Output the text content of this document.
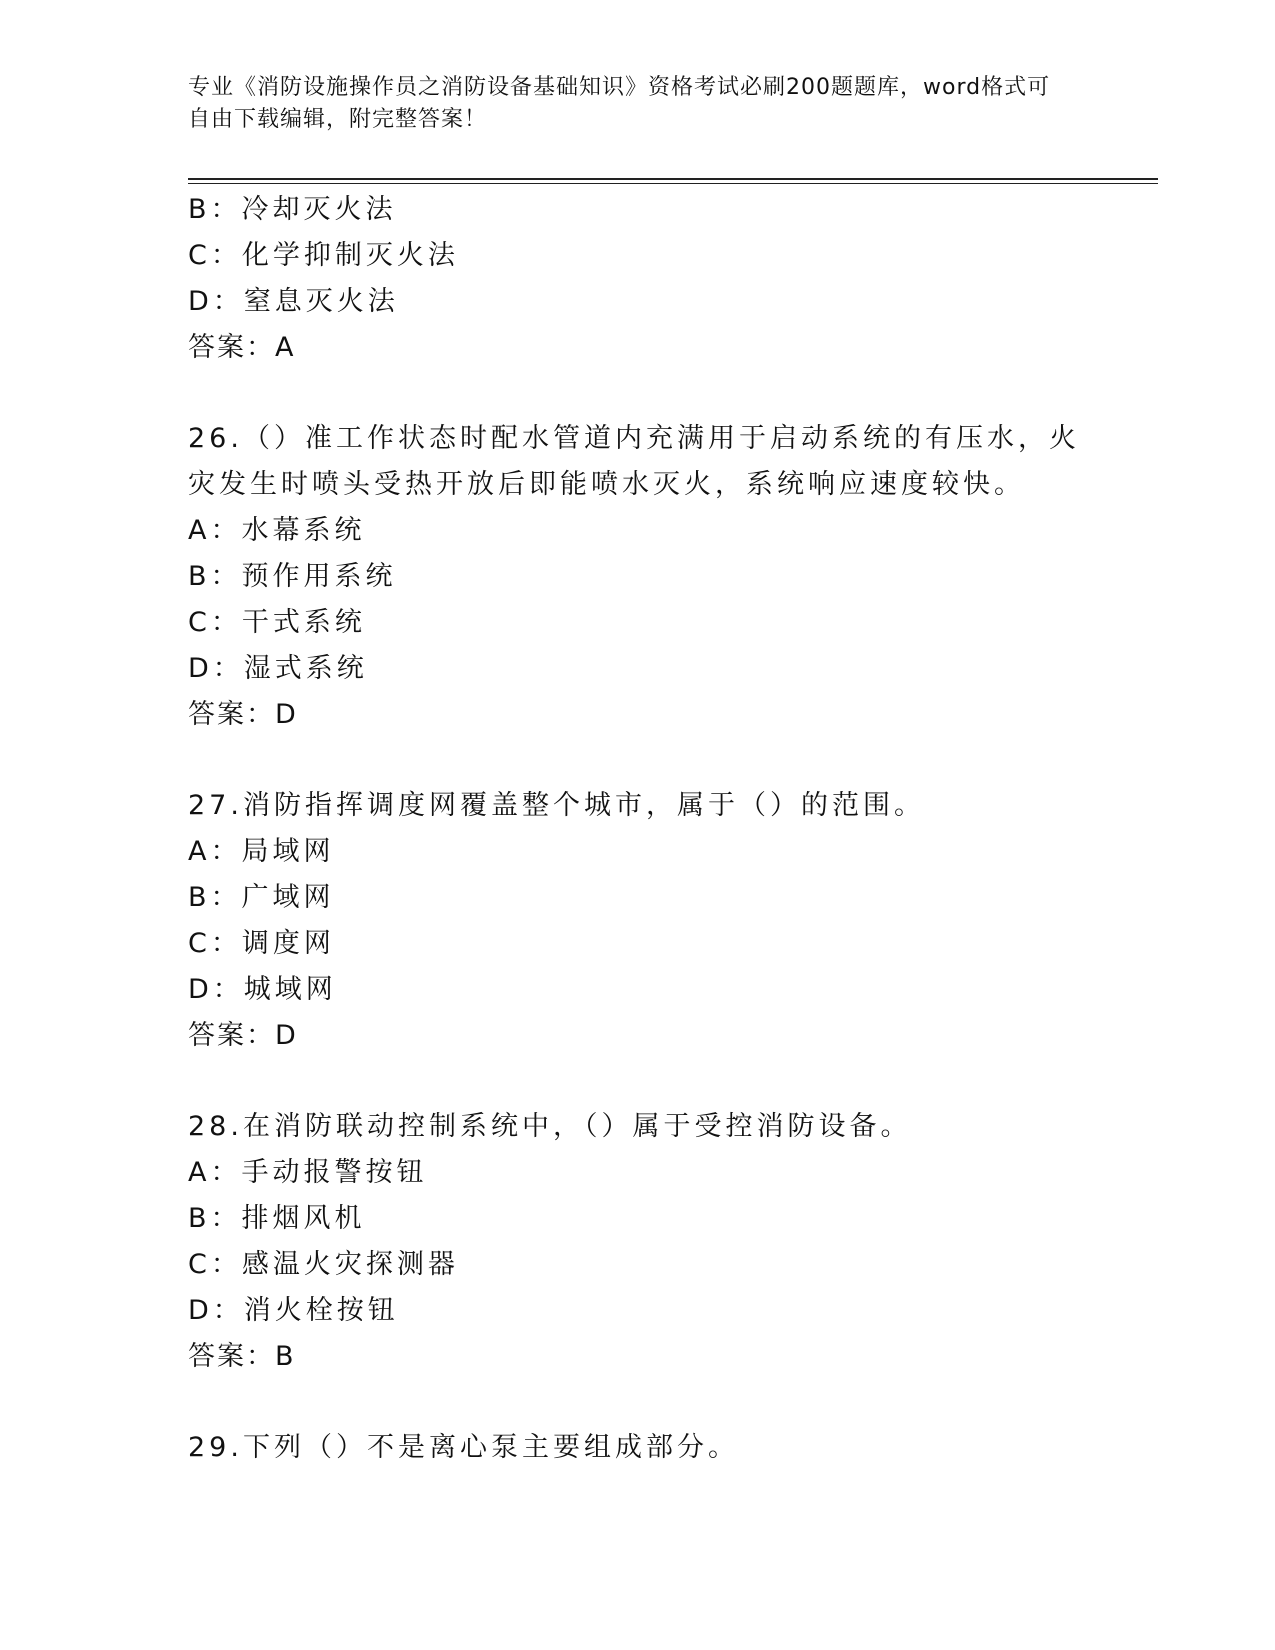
专业《消防设施操作员之消防设备基础知识》资格考试必刷200题题库，word格式可自由下载编辑，附完整答案！
B：冷却灭火法
C：化学抑制灭火法
D：窒息灭火法
答案：A
26.（）准工作状态时配水管道内充满用于启动系统的有压水，火灾发生时喷头受热开放后即能喷水灭火，系统响应速度较快。
A：水幕系统
B：预作用系统
C：干式系统
D：湿式系统
答案：D
27.消防指挥调度网覆盖整个城市，属于（）的范围。
A：局域网
B：广域网
C：调度网
D：城域网
答案：D
28.在消防联动控制系统中，（）属于受控消防设备。
A：手动报警按钮
B：排烟风机
C：感温火灾探测器
D：消火栓按钮
答案：B
29.下列（）不是离心泵主要组成部分。
